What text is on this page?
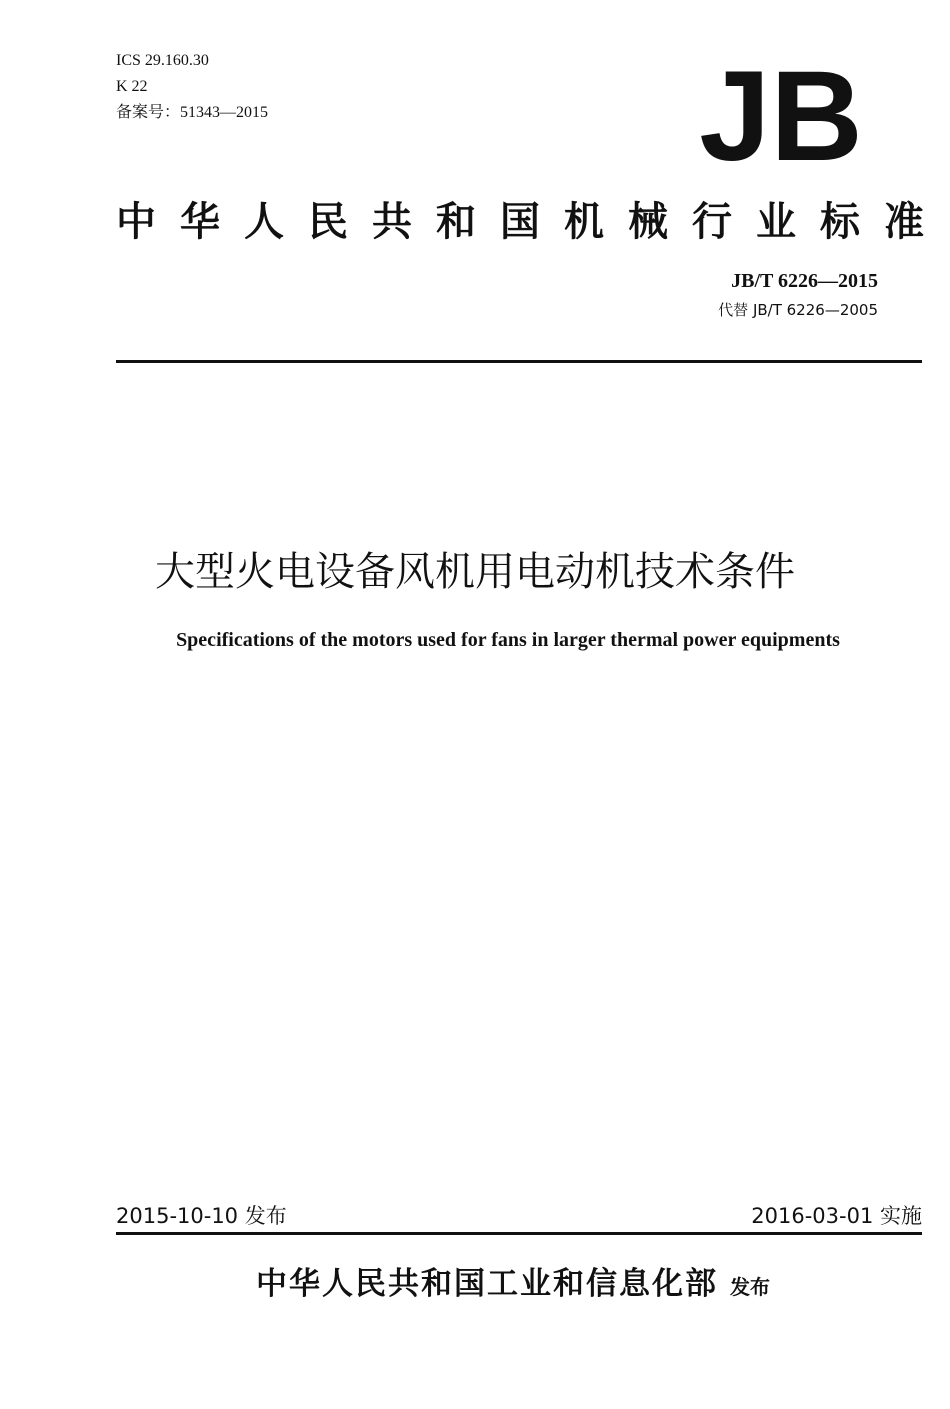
ICS 29.160.30
K 22
备案号：51343—2015	JB
中华人民共和国机械行业标准
JB/T 6226—2015
代替 JB/T 6226—2005
大型火电设备风机用电动机技术条件
Specifications of the motors used for fans in larger thermal power equipments
2015-10-10 发布	2016-03-01 实施
中华人民共和国工业和信息化部 发布
